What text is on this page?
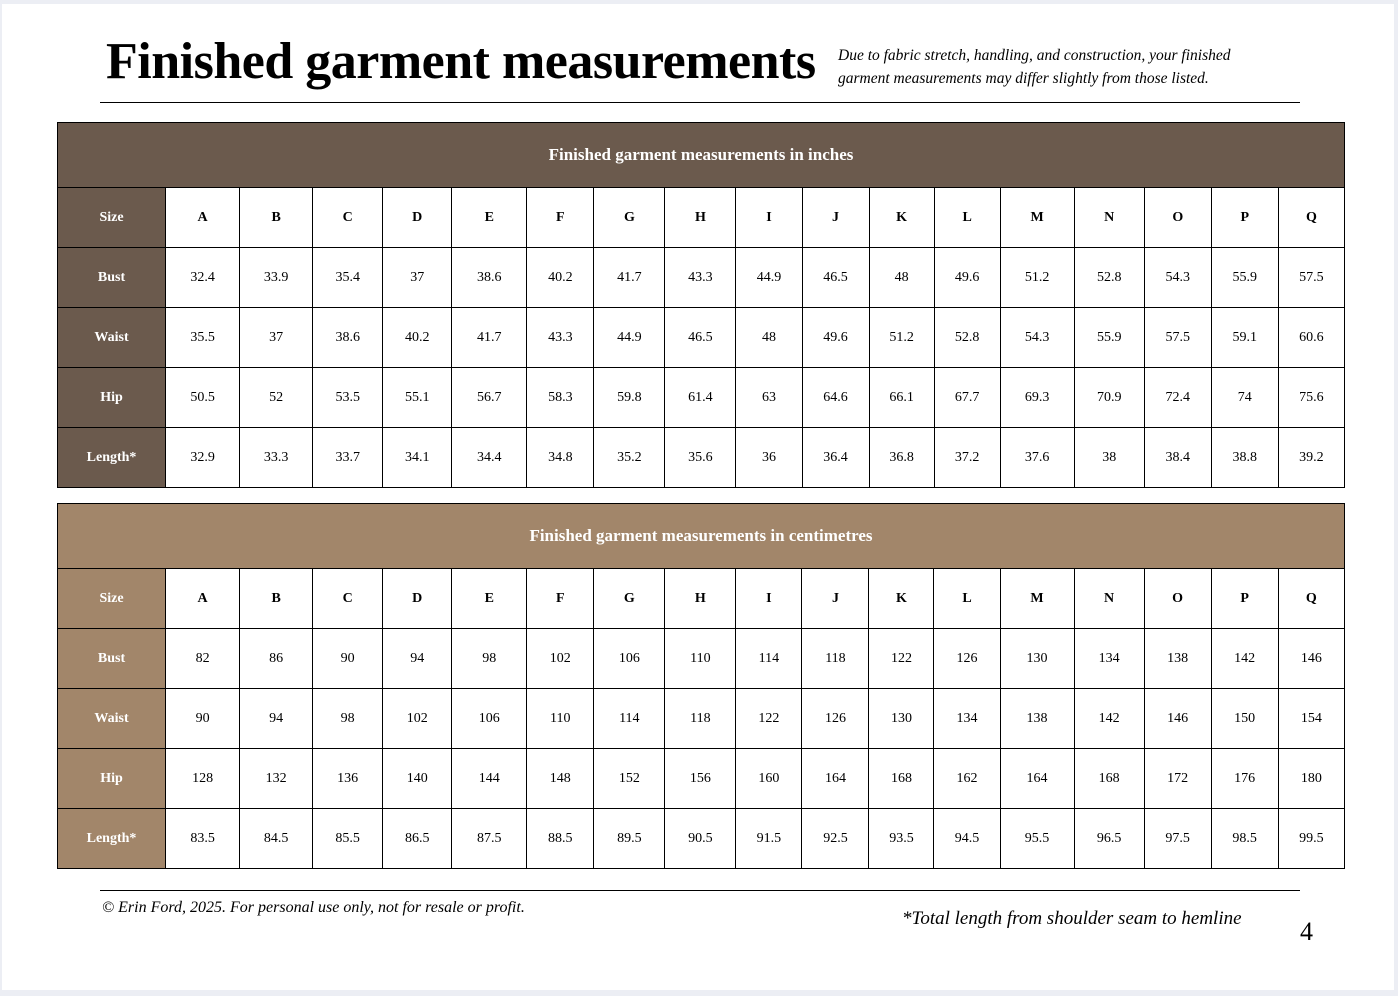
Finished garment measurements Due to fabric stretch, handling, and construction, your finished garment measurements may differ slightly from those listed.
Finished garment measurements in inches																	
Size	A	B	C	D	E	F	G	H	I	J	K	L	M	N	O	P	Q
Bust	32.4	33.9	35.4	37	38.6	40.2	41.7	43.3	44.9	46.5	48	49.6	51.2	52.8	54.3	55.9	57.5
Waist	35.5	37	38.6	40.2	41.7	43.3	44.9	46.5	48	49.6	51.2	52.8	54.3	55.9	57.5	59.1	60.6
Hip	50.5	52	53.5	55.1	56.7	58.3	59.8	61.4	63	64.6	66.1	67.7	69.3	70.9	72.4	74	75.6
Length*	32.9	33.3	33.7	34.1	34.4	34.8	35.2	35.6	36	36.4	36.8	37.2	37.6	38	38.4	38.8	39.2
Finished garment measurements in centimetres																	
Size	A	B	C	D	E	F	G	H	I	J	K	L	M	N	O	P	Q
Bust	82	86	90	94	98	102	106	110	114	118	122	126	130	134	138	142	146
Waist	90	94	98	102	106	110	114	118	122	126	130	134	138	142	146	150	154
Hip	128	132	136	140	144	148	152	156	160	164	168	162	164	168	172	176	180
Length*	83.5	84.5	85.5	86.5	87.5	88.5	89.5	90.5	91.5	92.5	93.5	94.5	95.5	96.5	97.5	98.5	99.5
© Erin Ford, 2025. For personal use only, not for resale or profit.
*Total length from shoulder seam to hemline 4
